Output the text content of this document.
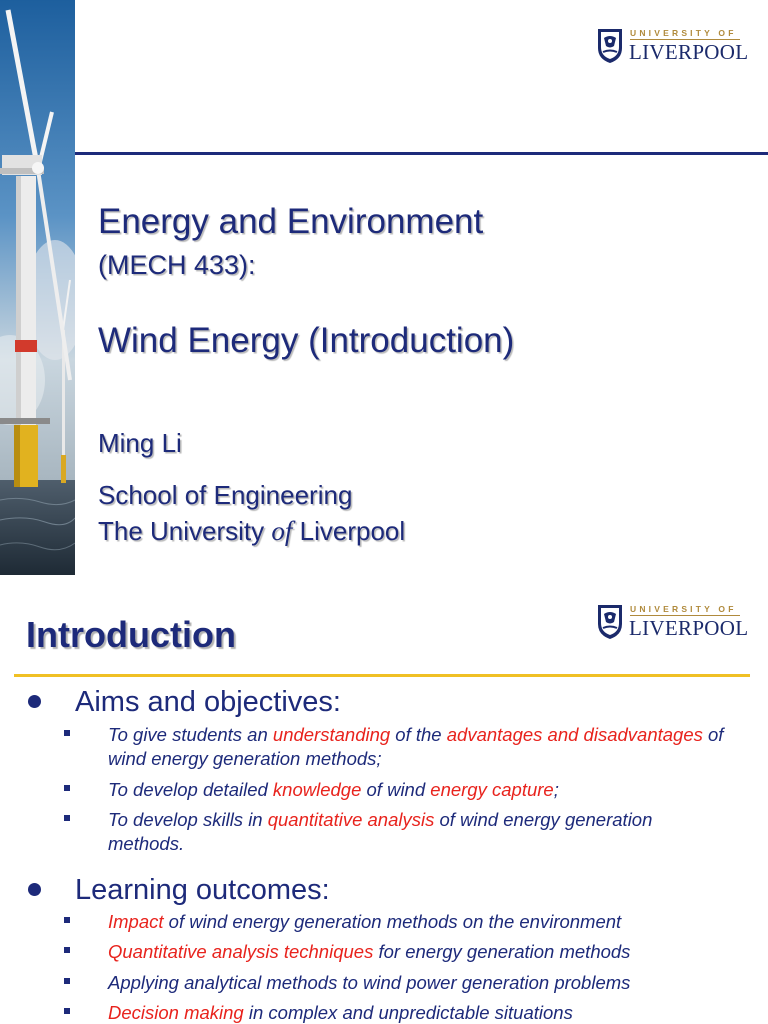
UNIVERSITY OF
LIVERPOOL
Energy and Environment
(MECH 433):
Wind Energy (Introduction)
Ming Li
School of Engineering
The University of Liverpool
Introduction
UNIVERSITY OF
LIVERPOOL
Aims and objectives:
To give students an understanding of the advantages and disadvantages of wind energy generation methods;
To develop detailed knowledge of wind energy capture;
To develop skills in quantitative analysis of wind energy generation methods.
Learning outcomes:
Impact of wind energy generation methods on the environment
Quantitative analysis techniques for energy generation methods
Applying analytical methods to wind power generation problems
Decision making in complex and unpredictable situations
